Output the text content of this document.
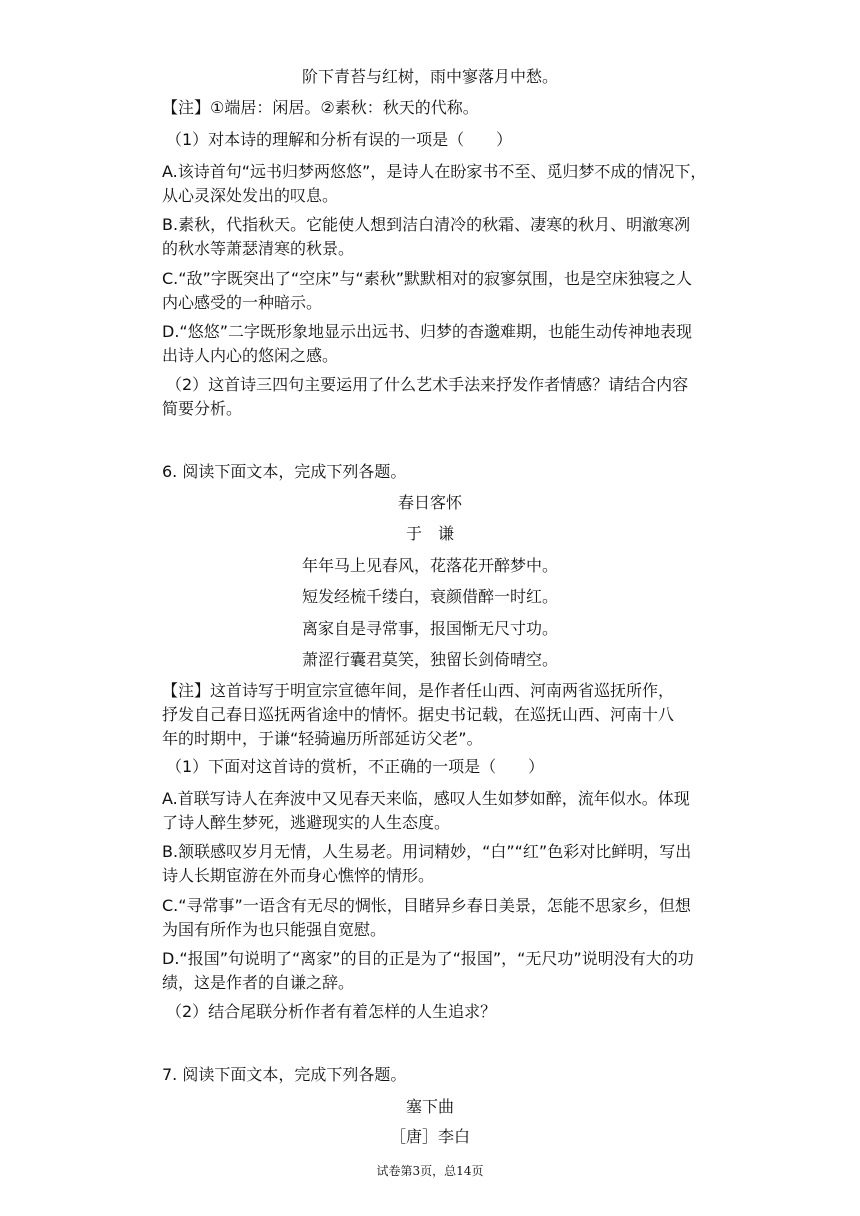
阶下青苔与红树，雨中寥落月中愁。
【注】①端居：闲居。②素秋：秋天的代称。
（1）对本诗的理解和分析有误的一项是（　　）
A.该诗首句“远书归梦两悠悠”，是诗人在盼家书不至、觅归梦不成的情况下，
从心灵深处发出的叹息。
B.素秋，代指秋天。它能使人想到洁白清冷的秋霜、凄寒的秋月、明澈寒冽
的秋水等萧瑟清寒的秋景。
C.“敌”字既突出了“空床”与“素秋”默默相对的寂寥氛围，也是空床独寝之人
内心感受的一种暗示。
D.“悠悠”二字既形象地显示出远书、归梦的杳邈难期，也能生动传神地表现
出诗人内心的悠闲之感。
（2）这首诗三四句主要运用了什么艺术手法来抒发作者情感？请结合内容
简要分析。
6. 阅读下面文本，完成下列各题。
春日客怀
于　谦
年年马上见春风，花落花开醉梦中。
短发经梳千缕白，衰颜借醉一时红。
离家自是寻常事，报国惭无尺寸功。
萧涩行囊君莫笑，独留长剑倚晴空。
【注】这首诗写于明宣宗宣德年间，是作者任山西、河南两省巡抚所作，
抒发自己春日巡抚两省途中的情怀。据史书记载，在巡抚山西、河南十八
年的时期中，于谦“轻骑遍历所部延访父老”。
（1）下面对这首诗的赏析，不正确的一项是（　　）
A.首联写诗人在奔波中又见春天来临，感叹人生如梦如醉，流年似水。体现
了诗人醉生梦死，逃避现实的人生态度。
B.颔联感叹岁月无情，人生易老。用词精妙，“白”“红”色彩对比鲜明，写出
诗人长期宦游在外而身心憔悴的情形。
C.“寻常事”一语含有无尽的惆怅，目睹异乡春日美景，怎能不思家乡，但想
为国有所作为也只能强自宽慰。
D.“报国”句说明了“离家”的目的正是为了“报国”，“无尺功”说明没有大的功
绩，这是作者的自谦之辞。
（2）结合尾联分析作者有着怎样的人生追求？
7. 阅读下面文本，完成下列各题。
塞下曲
［唐］李白
试卷第3页，总14页
